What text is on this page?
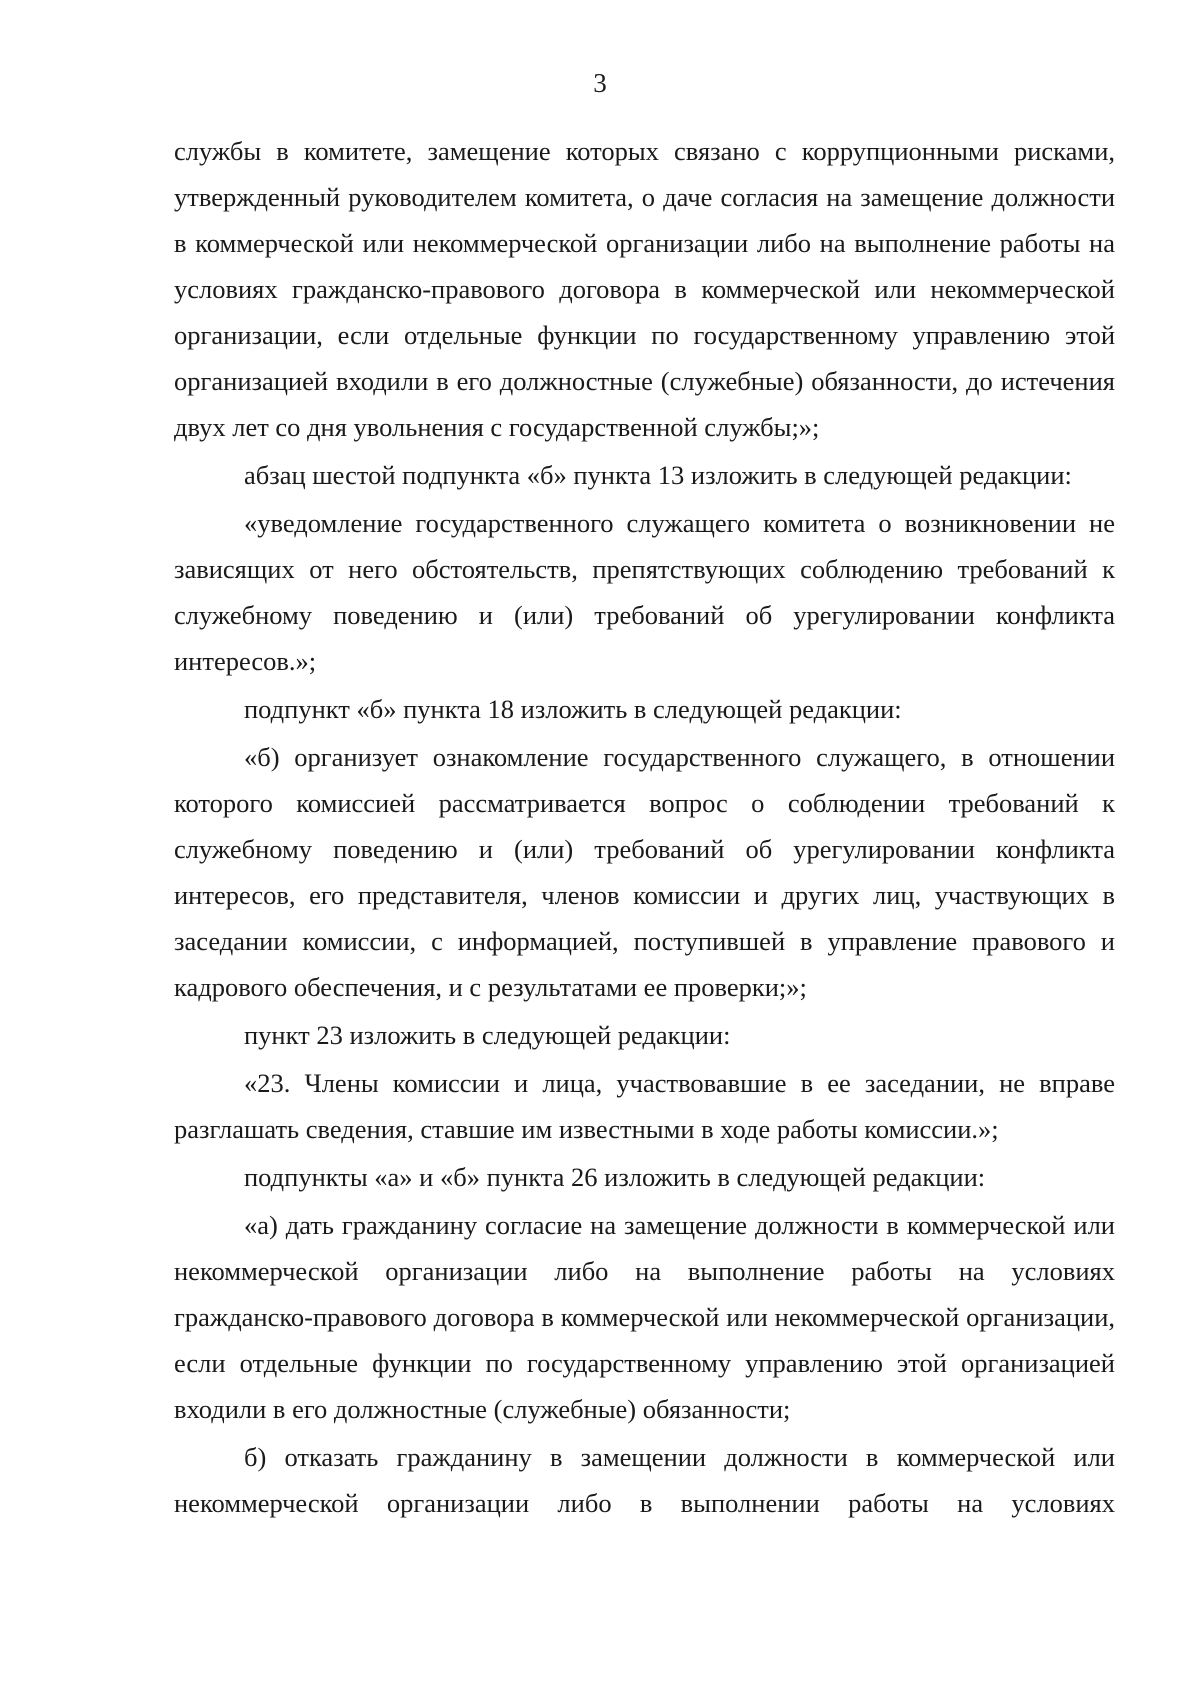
3

службы в комитете, замещение которых связано с коррупционными рисками, утвержденный руководителем комитета, о даче согласия на замещение должности в коммерческой или некоммерческой организации либо на выполнение работы на условиях гражданско-правового договора в коммерческой или некоммерческой организации, если отдельные функции по государственному управлению этой организацией входили в его должностные (служебные) обязанности, до истечения двух лет со дня увольнения с государственной службы;»;

абзац шестой подпункта «б» пункта 13 изложить в следующей редакции:

«уведомление государственного служащего комитета о возникновении не зависящих от него обстоятельств, препятствующих соблюдению требований к служебному поведению и (или) требований об урегулировании конфликта интересов.»;

подпункт «б» пункта 18 изложить в следующей редакции:

«б) организует ознакомление государственного служащего, в отношении которого комиссией рассматривается вопрос о соблюдении требований к служебному поведению и (или) требований об урегулировании конфликта интересов, его представителя, членов комиссии и других лиц, участвующих в заседании комиссии, с информацией, поступившей в управление правового и кадрового обеспечения, и с результатами ее проверки;»;

пункт 23 изложить в следующей редакции:

«23. Члены комиссии и лица, участвовавшие в ее заседании, не вправе разглашать сведения, ставшие им известными в ходе работы комиссии.»;

подпункты «а» и «б» пункта 26 изложить в следующей редакции:

«а) дать гражданину согласие на замещение должности в коммерческой или некоммерческой организации либо на выполнение работы на условиях гражданско-правового договора в коммерческой или некоммерческой организации, если отдельные функции по государственному управлению этой организацией входили в его должностные (служебные) обязанности;

б) отказать гражданину в замещении должности в коммерческой или некоммерческой организации либо в выполнении работы на условиях
